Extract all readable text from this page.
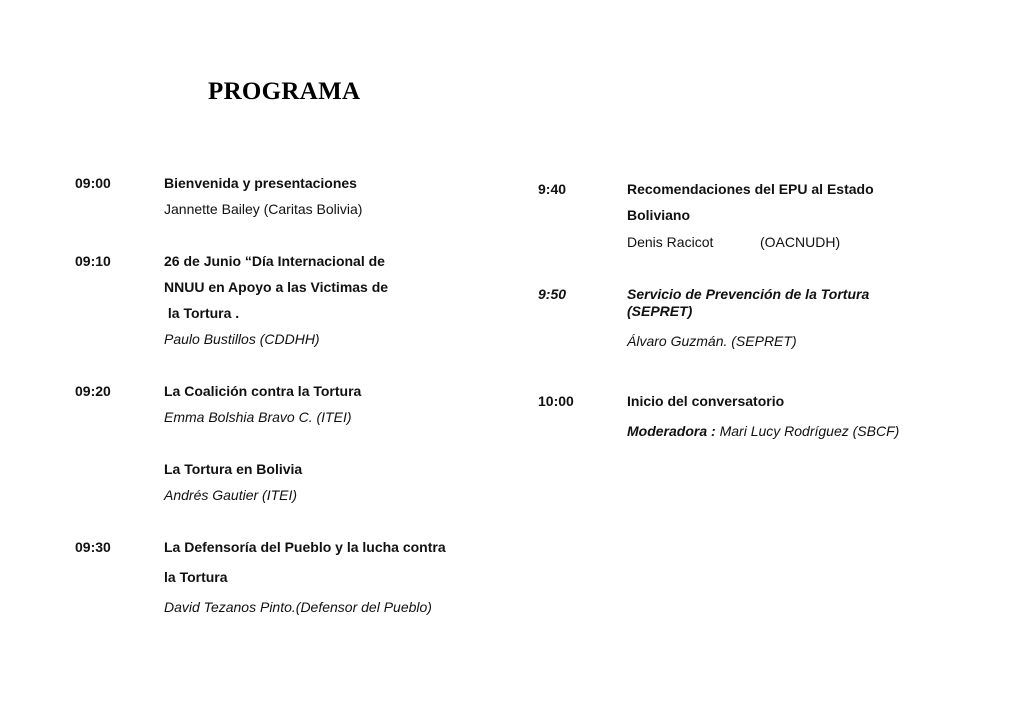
PROGRAMA
09:00	Bienvenida y presentaciones
Jannette Bailey (Caritas Bolivia)
09:10	26 de Junio “Día Internacional de
NNUU en Apoyo a las Victimas de
la Tortura .
Paulo Bustillos (CDDHH)
09:20	La Coalición contra la Tortura
Emma Bolshia Bravo C. (ITEI)
La Tortura en Bolivia
Andrés Gautier (ITEI)
09:30	La Defensoría del Pueblo y la lucha contra
la Tortura
David Tezanos Pinto.(Defensor del Pueblo)
9:40	Recomendaciones del EPU al Estado
Boliviano
Denis Racicot	(OACNUDH)
9:50	Servicio de Prevención de la Tortura
(SEPRET)
Álvaro Guzmán. (SEPRET)
10:00	Inicio del conversatorio
Moderadora : Mari Lucy Rodríguez (SBCF)
